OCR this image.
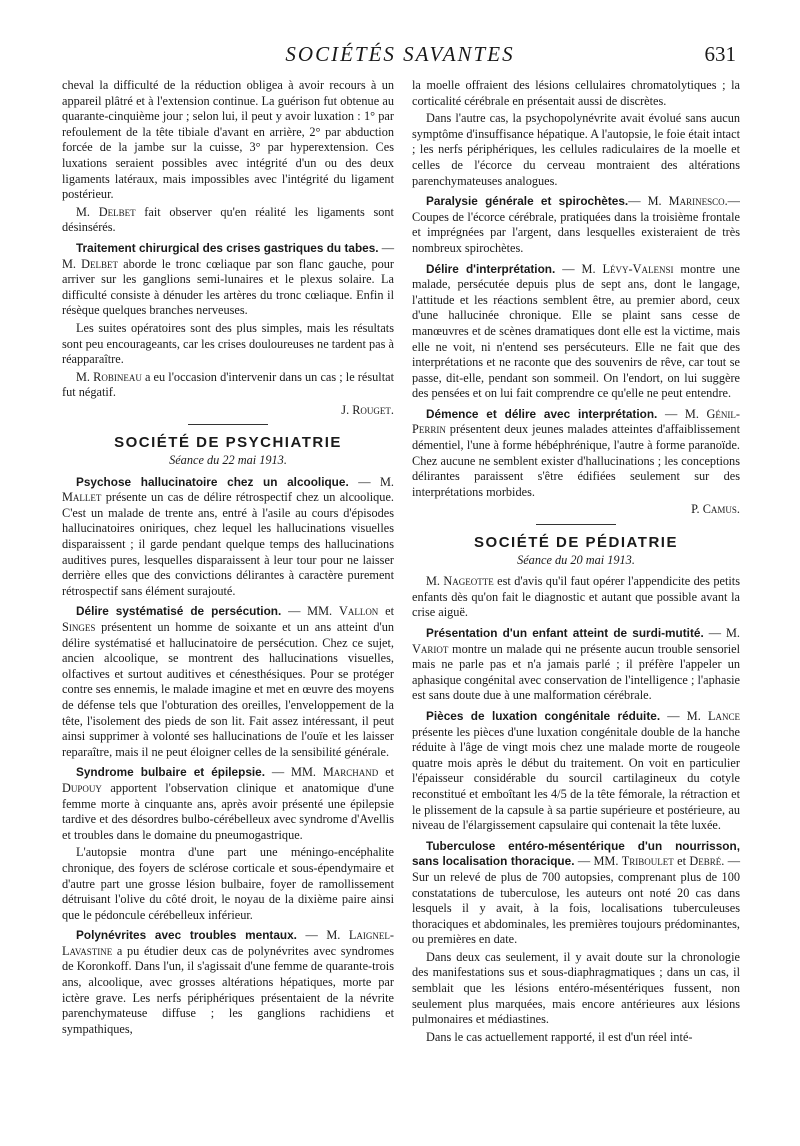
SOCIÉTÉS SAVANTES	631

cheval la difficulté de la réduction obligea à avoir recours à un appareil plâtré et à l'extension continue. La guérison fut obtenue au quarante-cinquième jour ; selon lui, il peut y avoir luxation : 1° par refoulement de la tête tibiale d'avant en arrière, 2° par abduction forcée de la jambe sur la cuisse, 3° par hyperextension. Ces luxations seraient possibles avec intégrité d'un ou des deux ligaments latéraux, mais impossibles avec l'intégrité du ligament postérieur.

M. Delbet fait observer qu'en réalité les ligaments sont désinsérés.

Traitement chirurgical des crises gastriques du tabes. — M. Delbet aborde le tronc cœliaque par son flanc gauche, pour arriver sur les ganglions semi-lunaires et le plexus solaire. La difficulté consiste à dénuder les artères du tronc cœliaque. Enfin il résèque quelques branches nerveuses.

Les suites opératoires sont des plus simples, mais les résultats sont peu encourageants, car les crises douloureuses ne tardent pas à réapparaître.

M. Robineau a eu l'occasion d'intervenir dans un cas ; le résultat fut négatif.

J. Rouget.

SOCIÉTÉ DE PSYCHIATRIE

Séance du 22 mai 1913.

Psychose hallucinatoire chez un alcoolique. — M. Mallet présente un cas de délire rétrospectif chez un alcoolique. C'est un malade de trente ans, entré à l'asile au cours d'épisodes hallucinatoires oniriques, chez lequel les hallucinations visuelles disparaissent ; il garde pendant quelque temps des hallucinations auditives pures, lesquelles disparaissent à leur tour pour ne laisser derrière elles que des convictions délirantes à caractère purement rétrospectif sans élément surajouté.

Délire systématisé de persécution. — MM. Vallon et Singes présentent un homme de soixante et un ans atteint d'un délire systématisé et hallucinatoire de persécution. Chez ce sujet, ancien alcoolique, se montrent des hallucinations visuelles, olfactives et surtout auditives et cénesthésiques. Pour se protéger contre ses ennemis, le malade imagine et met en œuvre des moyens de défense tels que l'obturation des oreilles, l'enveloppement de la tête, l'isolement des pieds de son lit. Fait assez intéressant, il peut ainsi supprimer à volonté ses hallucinations de l'ouïe et les laisser reparaître, mais il ne peut éloigner celles de la sensibilité générale.

Syndrome bulbaire et épilepsie. — MM. Marchand et Dupouy apportent l'observation clinique et anatomique d'une femme morte à cinquante ans, après avoir présenté une épilepsie tardive et des désordres bulbo-cérébelleux avec syndrome d'Avellis et troubles dans le domaine du pneumogastrique.

L'autopsie montra d'une part une méningo-encéphalite chronique, des foyers de sclérose corticale et sous-épendymaire et d'autre part une grosse lésion bulbaire, foyer de ramollissement détruisant l'olive du côté droit, le noyau de la dixième paire ainsi que le pédoncule cérébelleux inférieur.

Polynévrites avec troubles mentaux. — M. Laignel-Lavastine a pu étudier deux cas de polynévrites avec syndromes de Koronkoff. Dans l'un, il s'agissait d'une femme de quarante-trois ans, alcoolique, avec grosses altérations hépatiques, morte par ictère grave. Les nerfs périphériques présentaient de la névrite parenchymateuse diffuse ; les ganglions rachidiens et sympathiques,

la moelle offraient des lésions cellulaires chromatolytiques ; la corticalité cérébrale en présentait aussi de discrètes.

Dans l'autre cas, la psychopolynévrite avait évolué sans aucun symptôme d'insuffisance hépatique. A l'autopsie, le foie était intact ; les nerfs périphériques, les cellules radiculaires de la moelle et celles de l'écorce du cerveau montraient des altérations parenchymateuses analogues.

Paralysie générale et spirochètes.— M. Marinesco.— Coupes de l'écorce cérébrale, pratiquées dans la troisième frontale et imprégnées par l'argent, dans lesquelles existeraient de très nombreux spirochètes.

Délire d'interprétation. — M. Lévy-Valensi montre une malade, persécutée depuis plus de sept ans, dont le langage, l'attitude et les réactions semblent être, au premier abord, ceux d'une hallucinée chronique. Elle se plaint sans cesse de manœuvres et de scènes dramatiques dont elle est la victime, mais elle ne voit, ni n'entend ses persécuteurs. Elle ne fait que des interprétations et ne raconte que des souvenirs de rêve, car tout se passe, dit-elle, pendant son sommeil. On l'endort, on lui suggère des pensées et on lui fait comprendre ce qu'elle ne peut entendre.

Démence et délire avec interprétation. — M. Génil-Perrin présentent deux jeunes malades atteintes d'affaiblissement démentiel, l'une à forme hébéphrénique, l'autre à forme paranoïde. Chez aucune ne semblent exister d'hallucinations ; les conceptions délirantes paraissent s'être édifiées seulement sur des interprétations morbides.

P. Camus.

SOCIÉTÉ DE PÉDIATRIE

Séance du 20 mai 1913.

M. Nageotte est d'avis qu'il faut opérer l'appendicite des petits enfants dès qu'on fait le diagnostic et autant que possible avant la crise aiguë.

Présentation d'un enfant atteint de surdi-mutité. — M. Variot montre un malade qui ne présente aucun trouble sensoriel mais ne parle pas et n'a jamais parlé ; il préfère l'appeler un aphasique congénital avec conservation de l'intelligence ; l'aphasie est sans doute due à une malformation cérébrale.

Pièces de luxation congénitale réduite. — M. Lance présente les pièces d'une luxation congénitale double de la hanche réduite à l'âge de vingt mois chez une malade morte de rougeole quatre mois après le début du traitement. On voit en particulier l'épaisseur considérable du sourcil cartilagineux du cotyle reconstitué et emboîtant les 4/5 de la tête fémorale, la rétraction et le plissement de la capsule à sa partie supérieure et postérieure, au niveau de l'élargissement capsulaire qui contenait la tête luxée.

Tuberculose entéro-mésentérique d'un nourrisson, sans localisation thoracique. — MM. Triboulet et Debré. — Sur un relevé de plus de 700 autopsies, comprenant plus de 100 constatations de tuberculose, les auteurs ont noté 20 cas dans lesquels il y avait, à la fois, localisations tuberculeuses thoraciques et abdominales, les premières toujours prédominantes, ou premières en date.

Dans deux cas seulement, il y avait doute sur la chronologie des manifestations sus et sous-diaphragmatiques ; dans un cas, il semblait que les lésions entéro-mésentériques fussent, non seulement plus marquées, mais encore antérieures aux lésions pulmonaires et médiastines.

Dans le cas actuellement rapporté, il est d'un réel inté-
